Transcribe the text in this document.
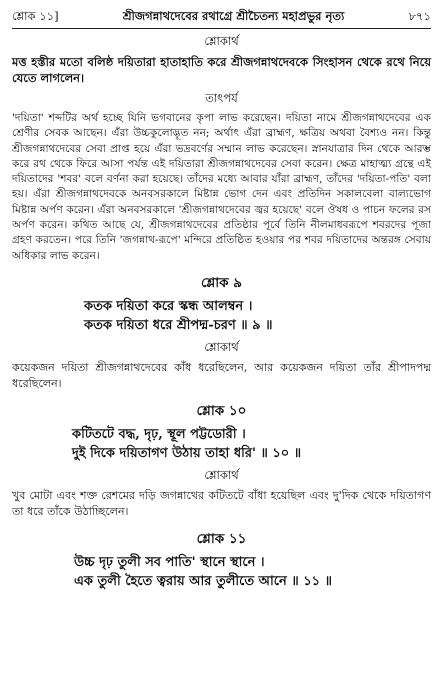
শ্লোক ১১]	শ্রীজগন্নাথদেবের রথাগ্রে শ্রীচৈতন্য মহাপ্রভুর নৃত্য	৮৭১
শ্লোকার্থ

মত্ত হস্তীর মতো বলিষ্ঠ দয়িতারা হাতাহাতি করে শ্রীজগন্নাথদেবকে সিংহাসন থেকে রথে নিয়ে যেতে লাগলেন।

তাৎপর্য

'দয়িতা' শব্দটির অর্থ হচ্ছে যিনি ভগবানের কৃপা লাভ করেছেন। দয়িতা নামে শ্রীজগন্নাথদেবের এক শ্রেণীর সেবক আছেন। এঁরা উচ্চকুলোদ্ভূত নন; অর্থাৎ এঁরা ব্রাহ্মণ, ক্ষত্রিয় অথবা বৈশ্যও নন। কিন্তু শ্রীজগন্নাথদেবের সেবা প্রাপ্ত হয়ে এঁরা ভদ্রবর্ণের সম্মান লাভ করেছেন। স্নানযাত্রার দিন থেকে আরম্ভ করে রথ থেকে ফিরে আসা পর্যন্ত এই দয়িতারা শ্রীজগন্নাথদেবের সেবা করেন। ক্ষেত্র মাহাত্ম্য গ্রন্থে এই দয়িতাদের 'শবর' বলে বর্ণনা করা হয়েছে। তাঁদের মধ্যে আবার যাঁরা ব্রাহ্মণ, তাঁদের 'দয়িতা-পতি' বলা হয়। এঁরা শ্রীজগন্নাথদেবকে অনবসরকালে মিষ্টান্ন ভোগ দেন এবং প্রতিদিন সকালবেলা বাল্যভোগ মিষ্টান্ন অর্পণ করেন। এঁরা অনবসরকালে 'শ্রীজগন্নাথদেবের জ্বর হয়েছে' বলে ঔষধ ও পাচন ফলের রস অর্পণ করেন। কথিত আছে যে, শ্রীজগন্নাথদেবের প্রতিষ্ঠার পূর্বে তিনি নীলমাধবরূপে শবরদের পূজা গ্রহণ করতেন। পরে তিনি 'জগন্নাথ-রূপে' মন্দিরে প্রতিষ্ঠিত হওয়ার পর শবর দয়িতাদের অন্তরঙ্গ সেবায় অধিকার লাভ করেন।

শ্লোক ৯
কতক দয়িতা করে স্কন্ধ আলম্বন ।
কতক দয়িতা ধরে শ্রীপদ্ম-চরণ ॥ ৯ ॥
শ্লোকার্থ

কয়েকজন দয়িতা শ্রীজগন্নাথদেবের কাঁধ ধরেছিলেন, আর কয়েকজন দয়িতা তাঁর শ্রীপাদপদ্ম ধরেছিলেন।

শ্লোক ১০
কটিতটে বদ্ধ, দৃঢ়, স্থূল পট্টডোরী ।
দুই দিকে দয়িতাগণ উঠায় তাহা ধরি' ॥ ১০ ॥
শ্লোকার্থ

খুব মোটা এবং শক্ত রেশমের দড়ি জগন্নাথের কটিতটে বাঁধা হয়েছিল এবং দু'দিক থেকে দয়িতাগণ তা ধরে তাঁকে উঠাচ্ছিলেন।

শ্লোক ১১
উচ্চ দৃঢ় তুলী সব পাতি' স্থানে স্থানে ।
এক তুলী হৈতে ত্বরায় আর তুলীতে আনে ॥ ১১ ॥
